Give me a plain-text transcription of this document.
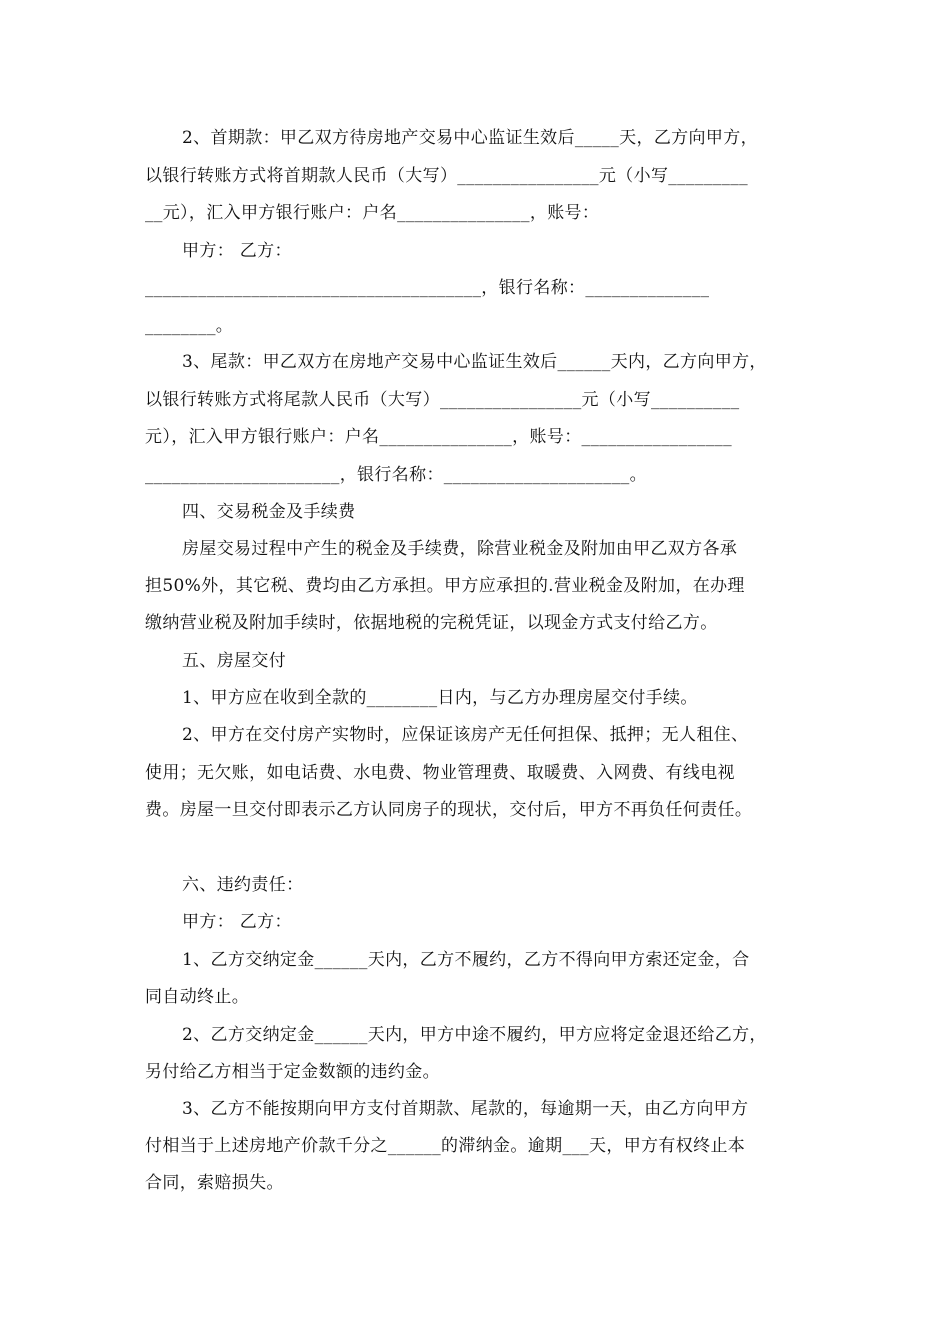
2、首期款：甲乙双方待房地产交易中心监证生效后_____天，乙方向甲方，
以银行转账方式将首期款人民币（大写）________________元（小写_________
__元），汇入甲方银行账户：户名_______________，账号：
甲方： 乙方：
______________________________________，银行名称：______________
________。
3、尾款：甲乙双方在房地产交易中心监证生效后______天内，乙方向甲方，
以银行转账方式将尾款人民币（大写）________________元（小写__________
元），汇入甲方银行账户：户名_______________，账号：_________________
______________________，银行名称：_____________________。
四、交易税金及手续费
房屋交易过程中产生的税金及手续费，除营业税金及附加由甲乙双方各承
担50%外，其它税、费均由乙方承担。甲方应承担的.营业税金及附加，在办理
缴纳营业税及附加手续时，依据地税的完税凭证，以现金方式支付给乙方。
五、房屋交付
1、甲方应在收到全款的________日内，与乙方办理房屋交付手续。
2、甲方在交付房产实物时，应保证该房产无任何担保、抵押；无人租住、
使用；无欠账，如电话费、水电费、物业管理费、取暖费、入网费、有线电视
费。房屋一旦交付即表示乙方认同房子的现状，交付后，甲方不再负任何责任。
六、违约责任：
甲方： 乙方：
1、乙方交纳定金______天内，乙方不履约，乙方不得向甲方索还定金，合
同自动终止。
2、乙方交纳定金______天内，甲方中途不履约，甲方应将定金退还给乙方，
另付给乙方相当于定金数额的违约金。
3、乙方不能按期向甲方支付首期款、尾款的，每逾期一天，由乙方向甲方
付相当于上述房地产价款千分之______的滞纳金。逾期___天，甲方有权终止本
合同，索赔损失。
